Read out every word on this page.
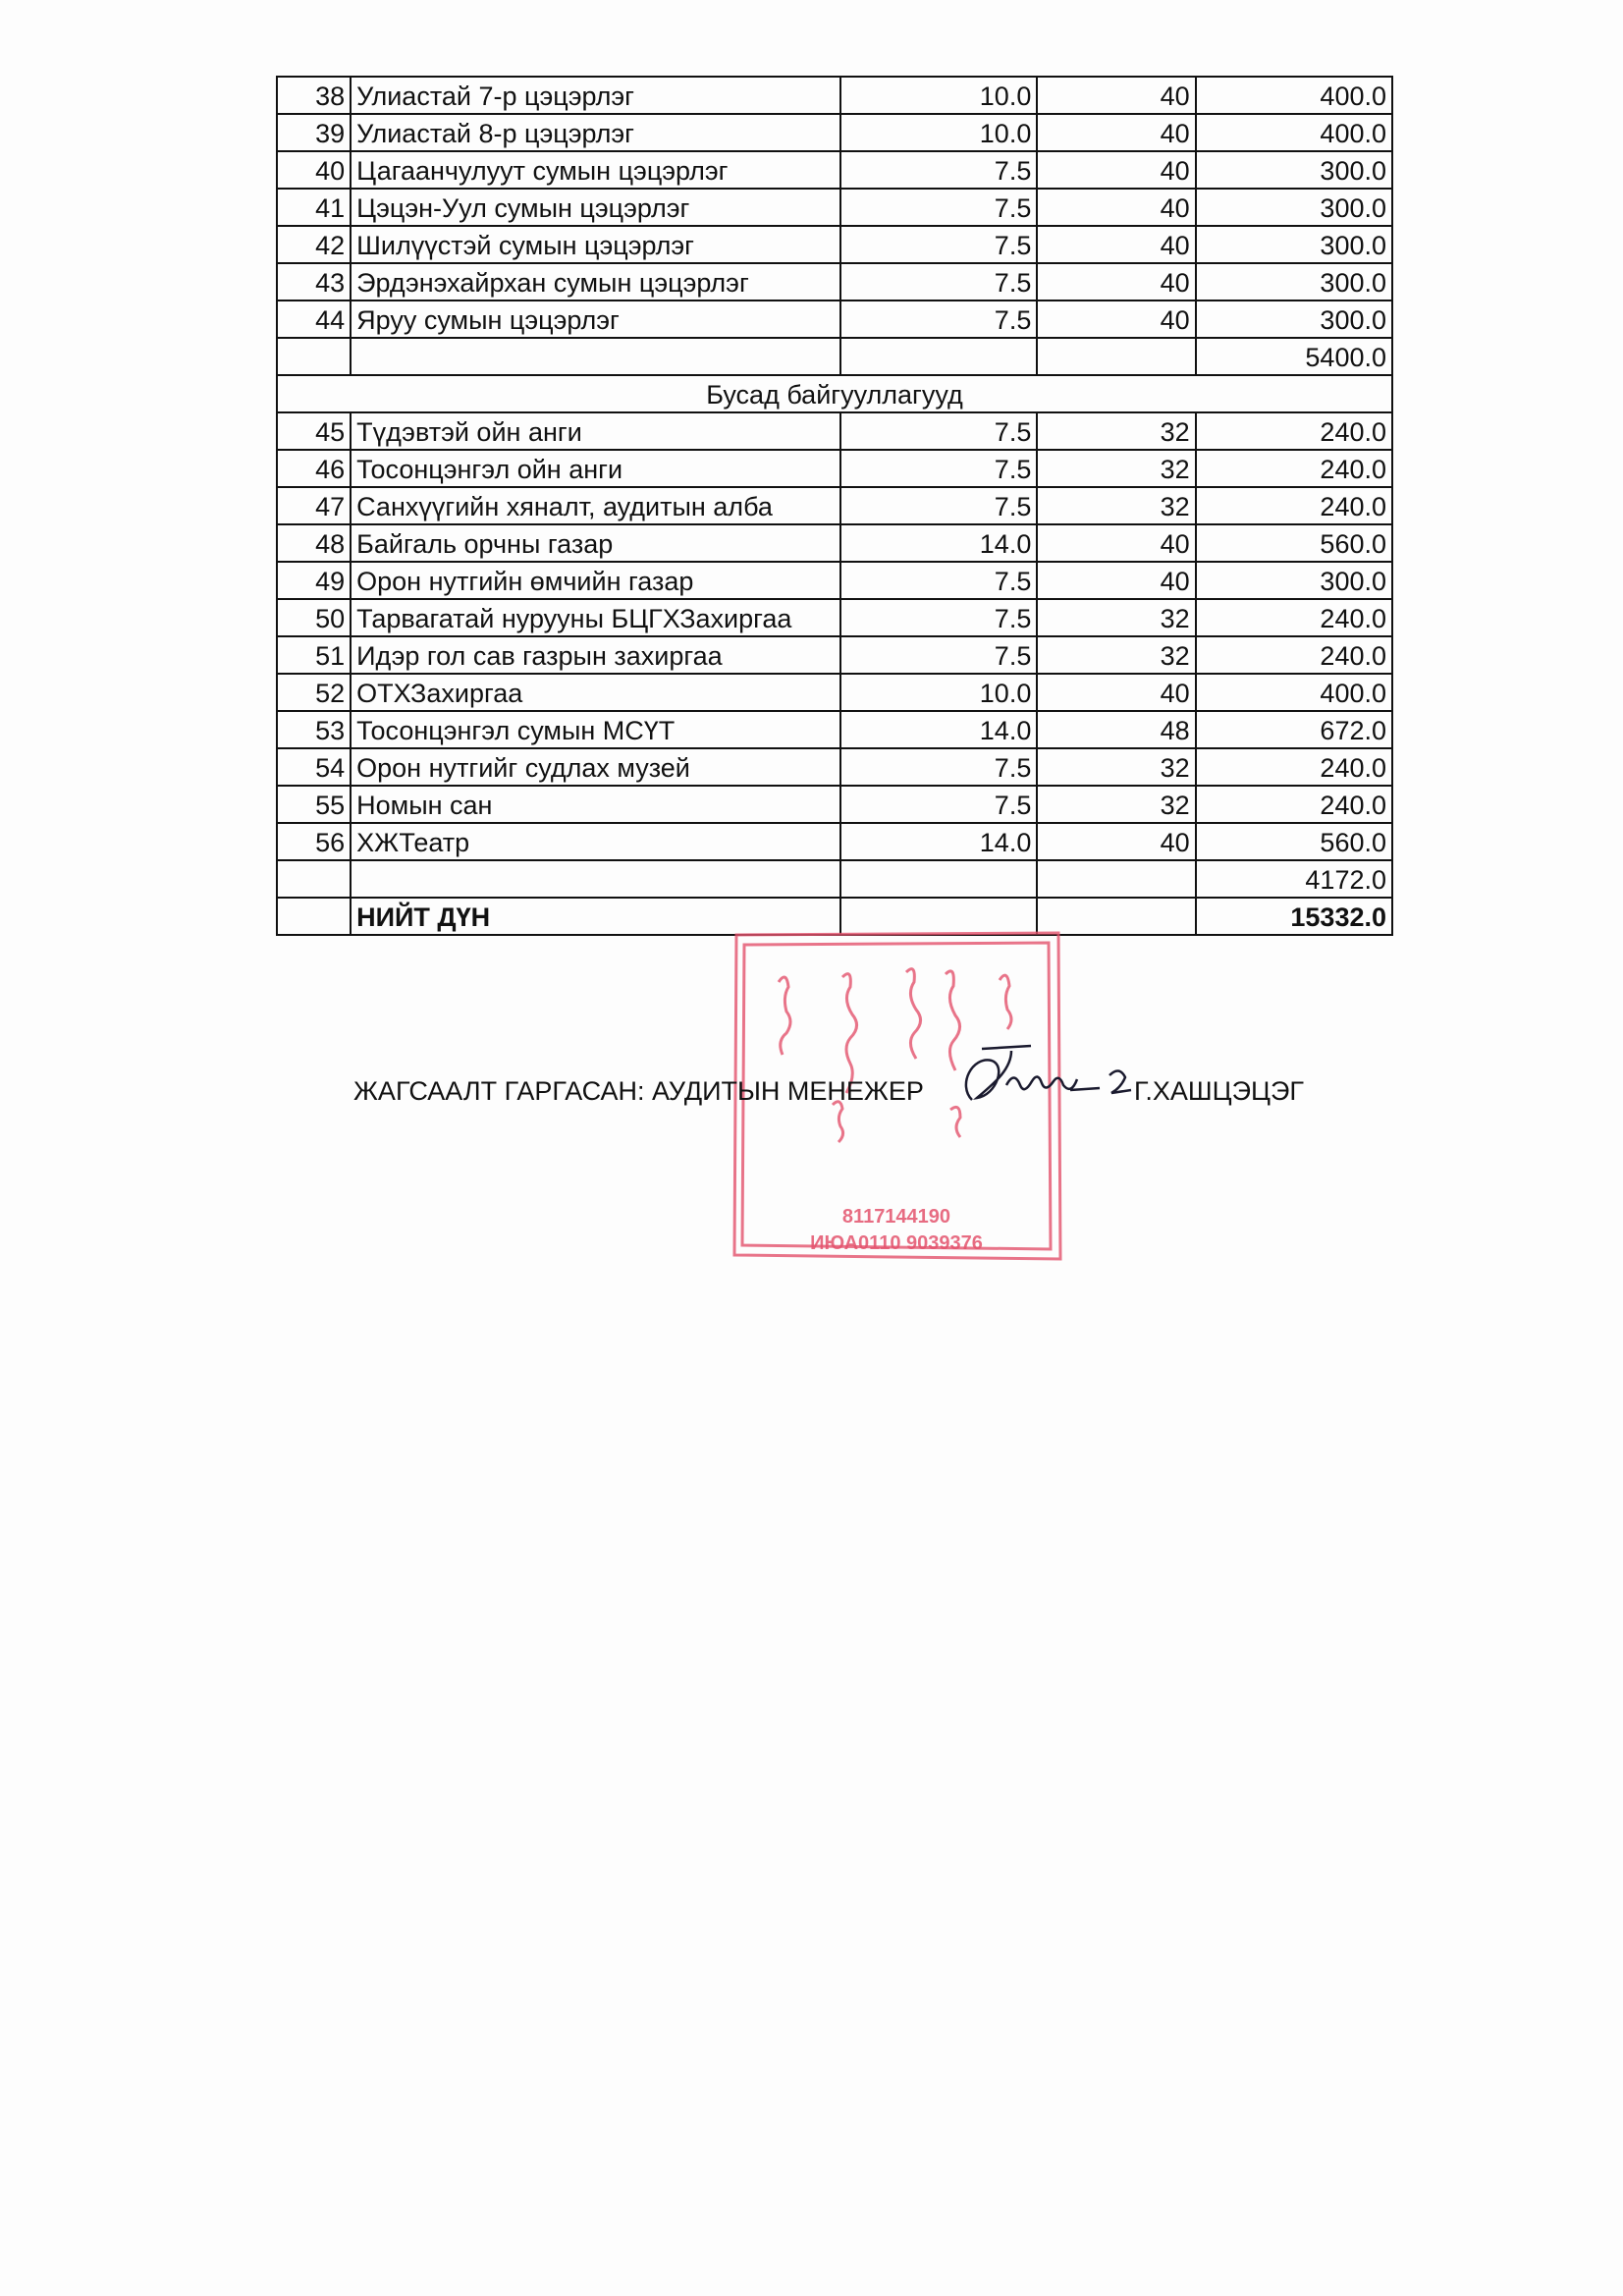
38	Улиастай 7-р цэцэрлэг	10.0	40	400.0
39	Улиастай 8-р цэцэрлэг	10.0	40	400.0
40	Цагаанчулуут сумын цэцэрлэг	7.5	40	300.0
41	Цэцэн-Уул сумын цэцэрлэг	7.5	40	300.0
42	Шилүүстэй сумын цэцэрлэг	7.5	40	300.0
43	Эрдэнэхайрхан сумын цэцэрлэг	7.5	40	300.0
44	Яруу сумын цэцэрлэг	7.5	40	300.0
				5400.0
Бусад байгууллагууд				
45	Түдэвтэй ойн анги	7.5	32	240.0
46	Тосонцэнгэл ойн анги	7.5	32	240.0
47	Санхүүгийн хяналт, аудитын алба	7.5	32	240.0
48	Байгаль орчны газар	14.0	40	560.0
49	Орон нутгийн өмчийн газар	7.5	40	300.0
50	Тарвагатай нурууны БЦГХЗахиргаа	7.5	32	240.0
51	Идэр гол сав газрын захиргаа	7.5	32	240.0
52	ОТХЗахиргаа	10.0	40	400.0
53	Тосонцэнгэл сумын МСҮТ	14.0	48	672.0
54	Орон нутгийг судлах музей	7.5	32	240.0
55	Номын сан	7.5	32	240.0
56	ХЖТеатр	14.0	40	560.0
				4172.0
	НИЙТ ДҮН			15332.0
8117144190
ИЮА0110 9039376
ЖАГСААЛТ ГАРГАСАН: АУДИТЫН МЕНЕЖЕР	Г.ХАШЦЭЦЭГ
